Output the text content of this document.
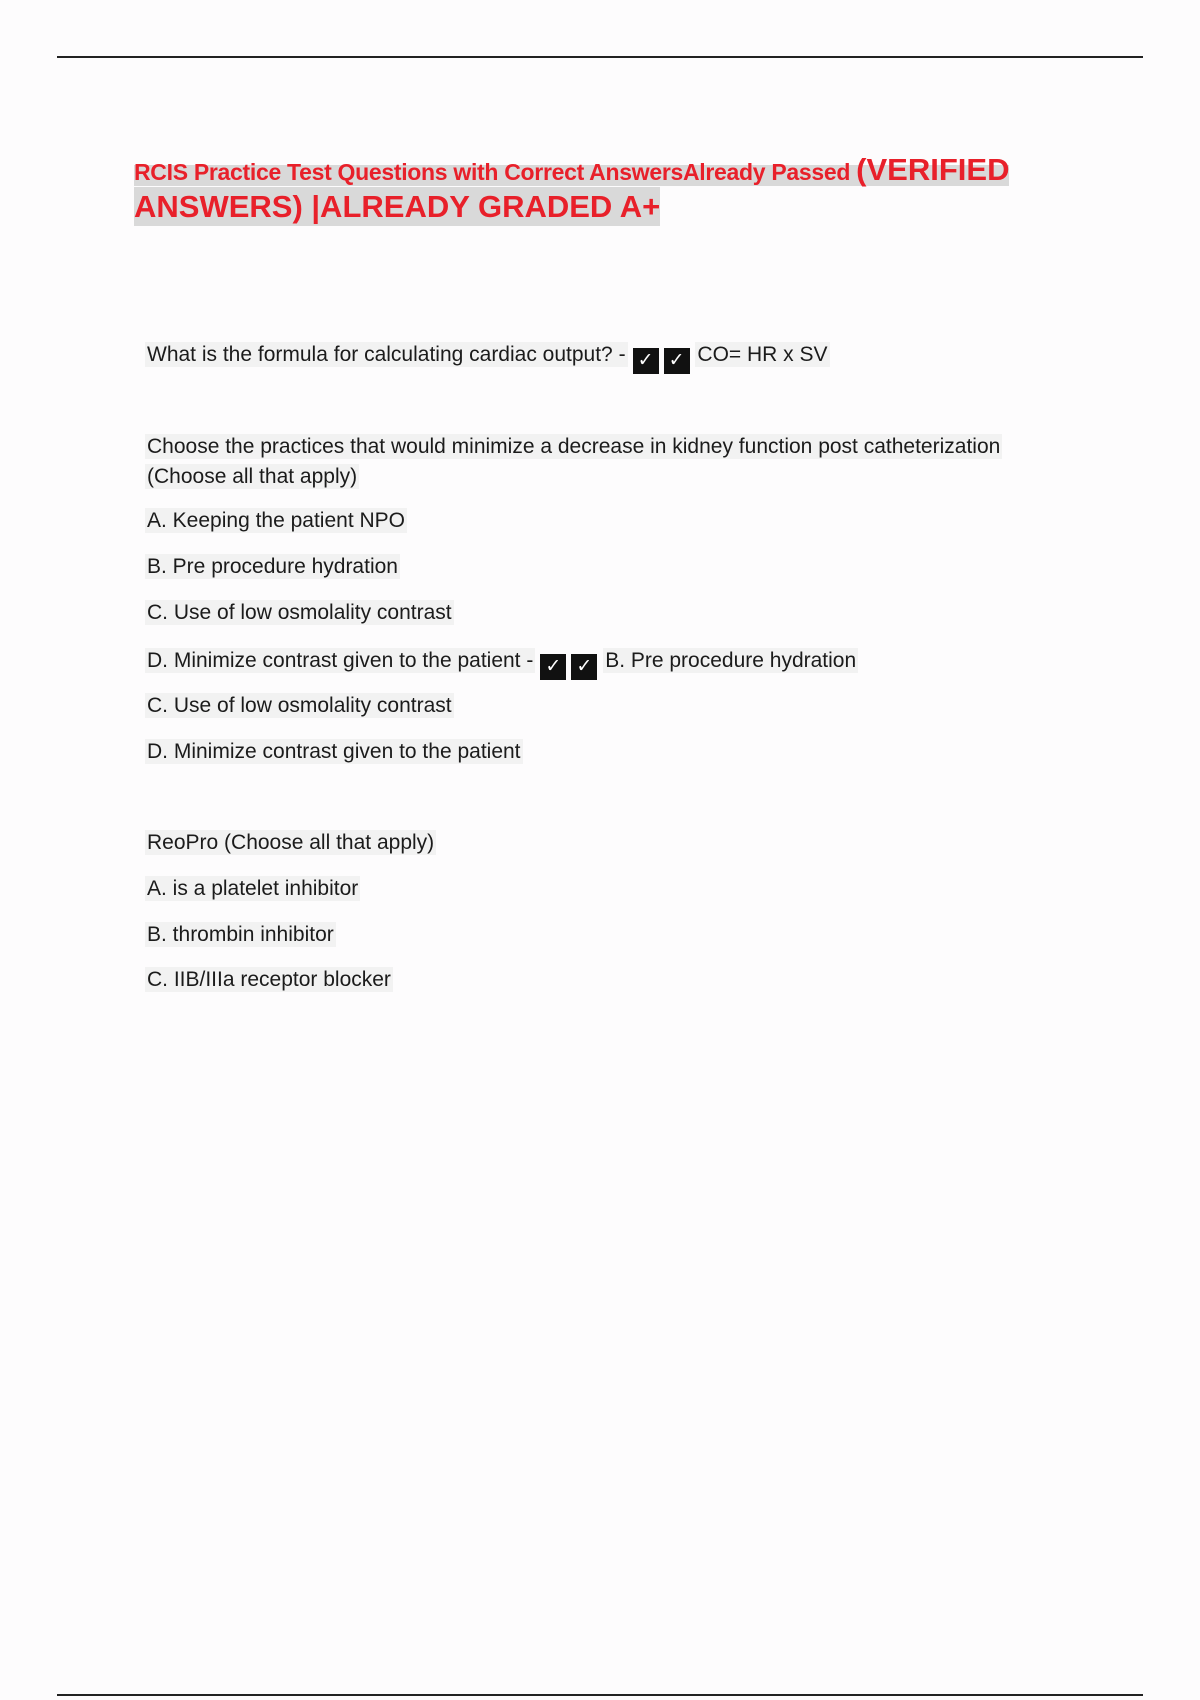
RCIS Practice Test Questions with Correct AnswersAlready Passed (VERIFIED
ANSWERS) |ALREADY GRADED A+
What is the formula for calculating cardiac output? - ✓ ✓ CO= HR x SV
Choose the practices that would minimize a decrease in kidney function post catheterization
(Choose all that apply)
A. Keeping the patient NPO
B. Pre procedure hydration
C. Use of low osmolality contrast
D. Minimize contrast given to the patient - ✓ ✓ B. Pre procedure hydration
C. Use of low osmolality contrast
D. Minimize contrast given to the patient
ReoPro (Choose all that apply)
A. is a platelet inhibitor
B. thrombin inhibitor
C. IIB/IIIa receptor blocker
